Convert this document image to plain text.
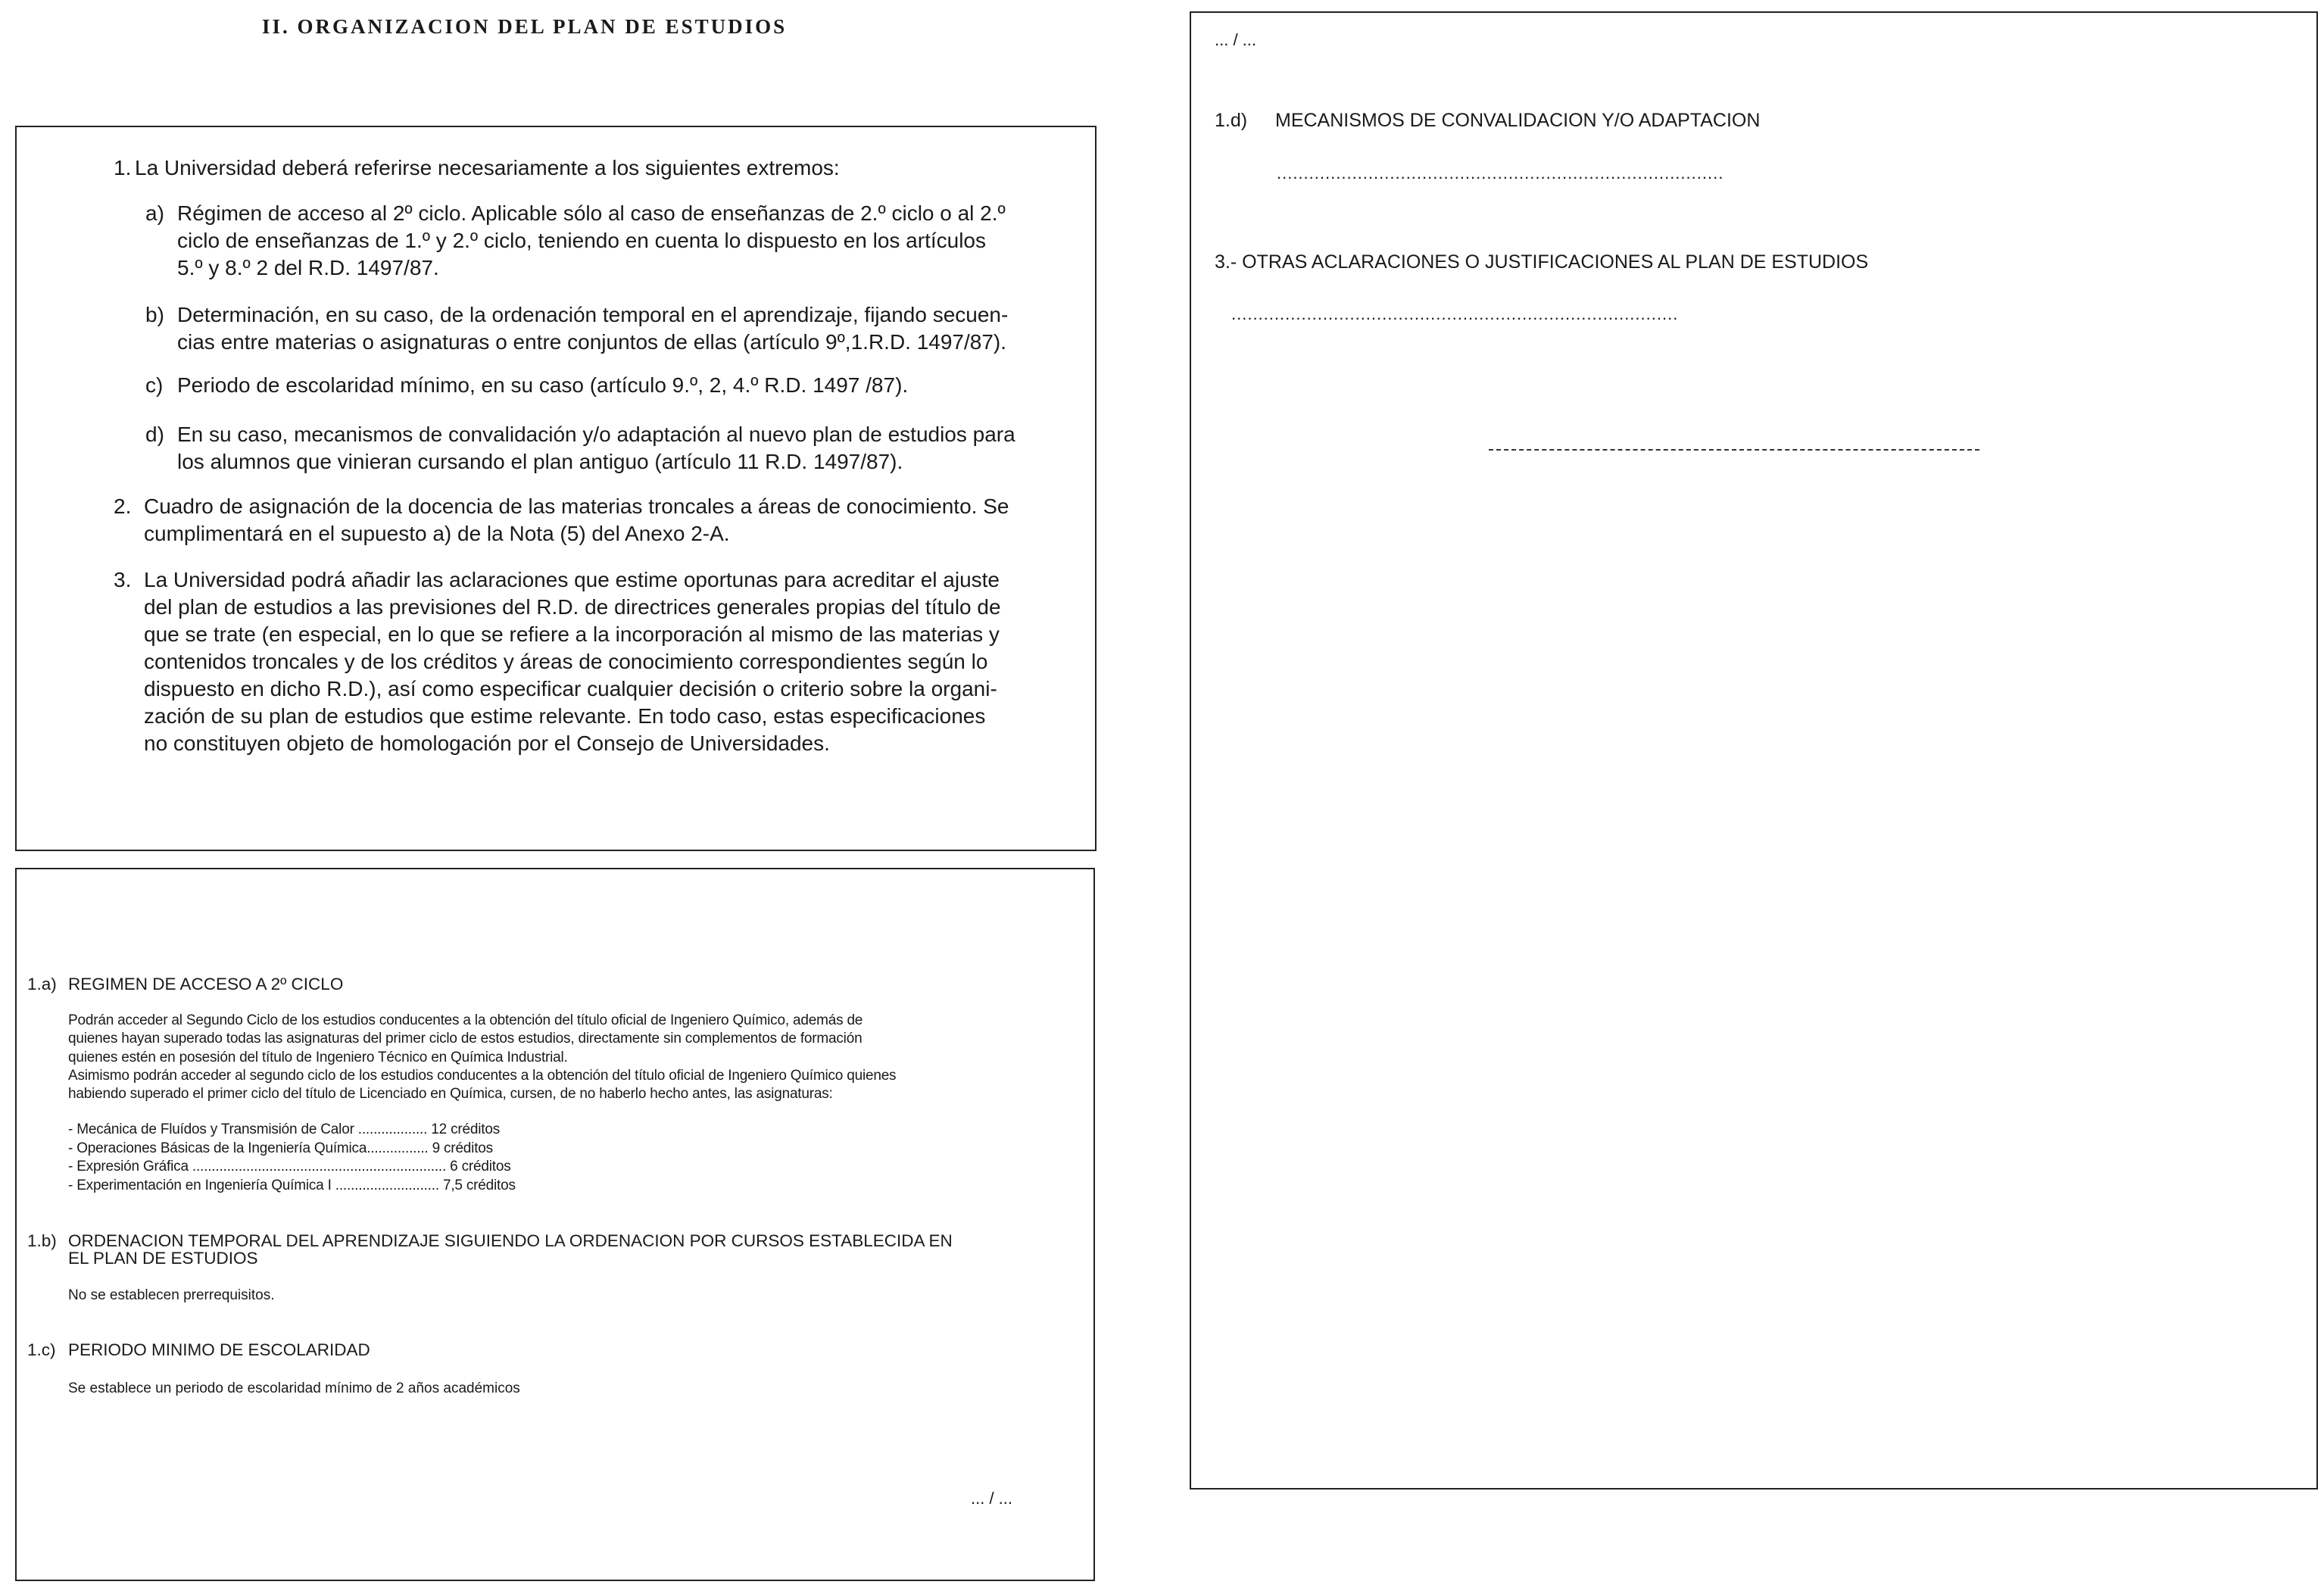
II. ORGANIZACION DEL PLAN DE ESTUDIOS
1. La Universidad deberá referirse necesariamente a los siguientes extremos:
a) Régimen de acceso al 2º ciclo. Aplicable sólo al caso de enseñanzas de 2.º ciclo o al 2.º
ciclo de enseñanzas de 1.º y 2.º ciclo, teniendo en cuenta lo dispuesto en los artículos
5.º y 8.º 2 del R.D. 1497/87.
b) Determinación, en su caso, de la ordenación temporal en el aprendizaje, fijando secuen-
cias entre materias o asignaturas o entre conjuntos de ellas (artículo 9º,1.R.D. 1497/87).
c) Periodo de escolaridad mínimo, en su caso (artículo 9.º, 2, 4.º R.D. 1497 /87).
d) En su caso, mecanismos de convalidación y/o adaptación al nuevo plan de estudios para
los alumnos que vinieran cursando el plan antiguo (artículo 11 R.D. 1497/87).
2. Cuadro de asignación de la docencia de las materias troncales a áreas de conocimiento. Se
cumplimentará en el supuesto a) de la Nota (5) del Anexo 2-A.
3. La Universidad podrá añadir las aclaraciones que estime oportunas para acreditar el ajuste
del plan de estudios a las previsiones del R.D. de directrices generales propias del título de
que se trate (en especial, en lo que se refiere a la incorporación al mismo de las materias y
contenidos troncales y de los créditos y áreas de conocimiento correspondientes según lo
dispuesto en dicho R.D.), así como especificar cualquier decisión o criterio sobre la organi-
zación de su plan de estudios que estime relevante. En todo caso, estas especificaciones
no constituyen objeto de homologación por el Consejo de Universidades.
1.a) REGIMEN DE ACCESO A 2º CICLO
Podrán acceder al Segundo Ciclo de los estudios conducentes a la obtención del título oficial de Ingeniero Químico, además de
quienes hayan superado todas las asignaturas del primer ciclo de estos estudios, directamente sin complementos de formación
quienes estén en posesión del título de Ingeniero Técnico en Química Industrial.
Asimismo podrán acceder al segundo ciclo de los estudios conducentes a la obtención del título oficial de Ingeniero Químico quienes
habiendo superado el primer ciclo del título de Licenciado en Química, cursen, de no haberlo hecho antes, las asignaturas:
- Mecánica de Fluídos y Transmisión de Calor .................. 12 créditos
- Operaciones Básicas de la Ingeniería Química................ 9 créditos
- Expresión Gráfica .................................................................. 6 créditos
- Experimentación en Ingeniería Química I ........................... 7,5 créditos
1.b) ORDENACION TEMPORAL DEL APRENDIZAJE SIGUIENDO LA ORDENACION POR CURSOS ESTABLECIDA EN
EL PLAN DE ESTUDIOS
No se establecen prerrequisitos.
1.c) PERIODO MINIMO DE ESCOLARIDAD
Se establece un periodo de escolaridad mínimo de 2 años académicos
... / ...
... / ...
1.d) MECANISMOS DE CONVALIDACION Y/O ADAPTACION
...................................................................................
3.- OTRAS ACLARACIONES O JUSTIFICACIONES AL PLAN DE ESTUDIOS
...................................................................................
